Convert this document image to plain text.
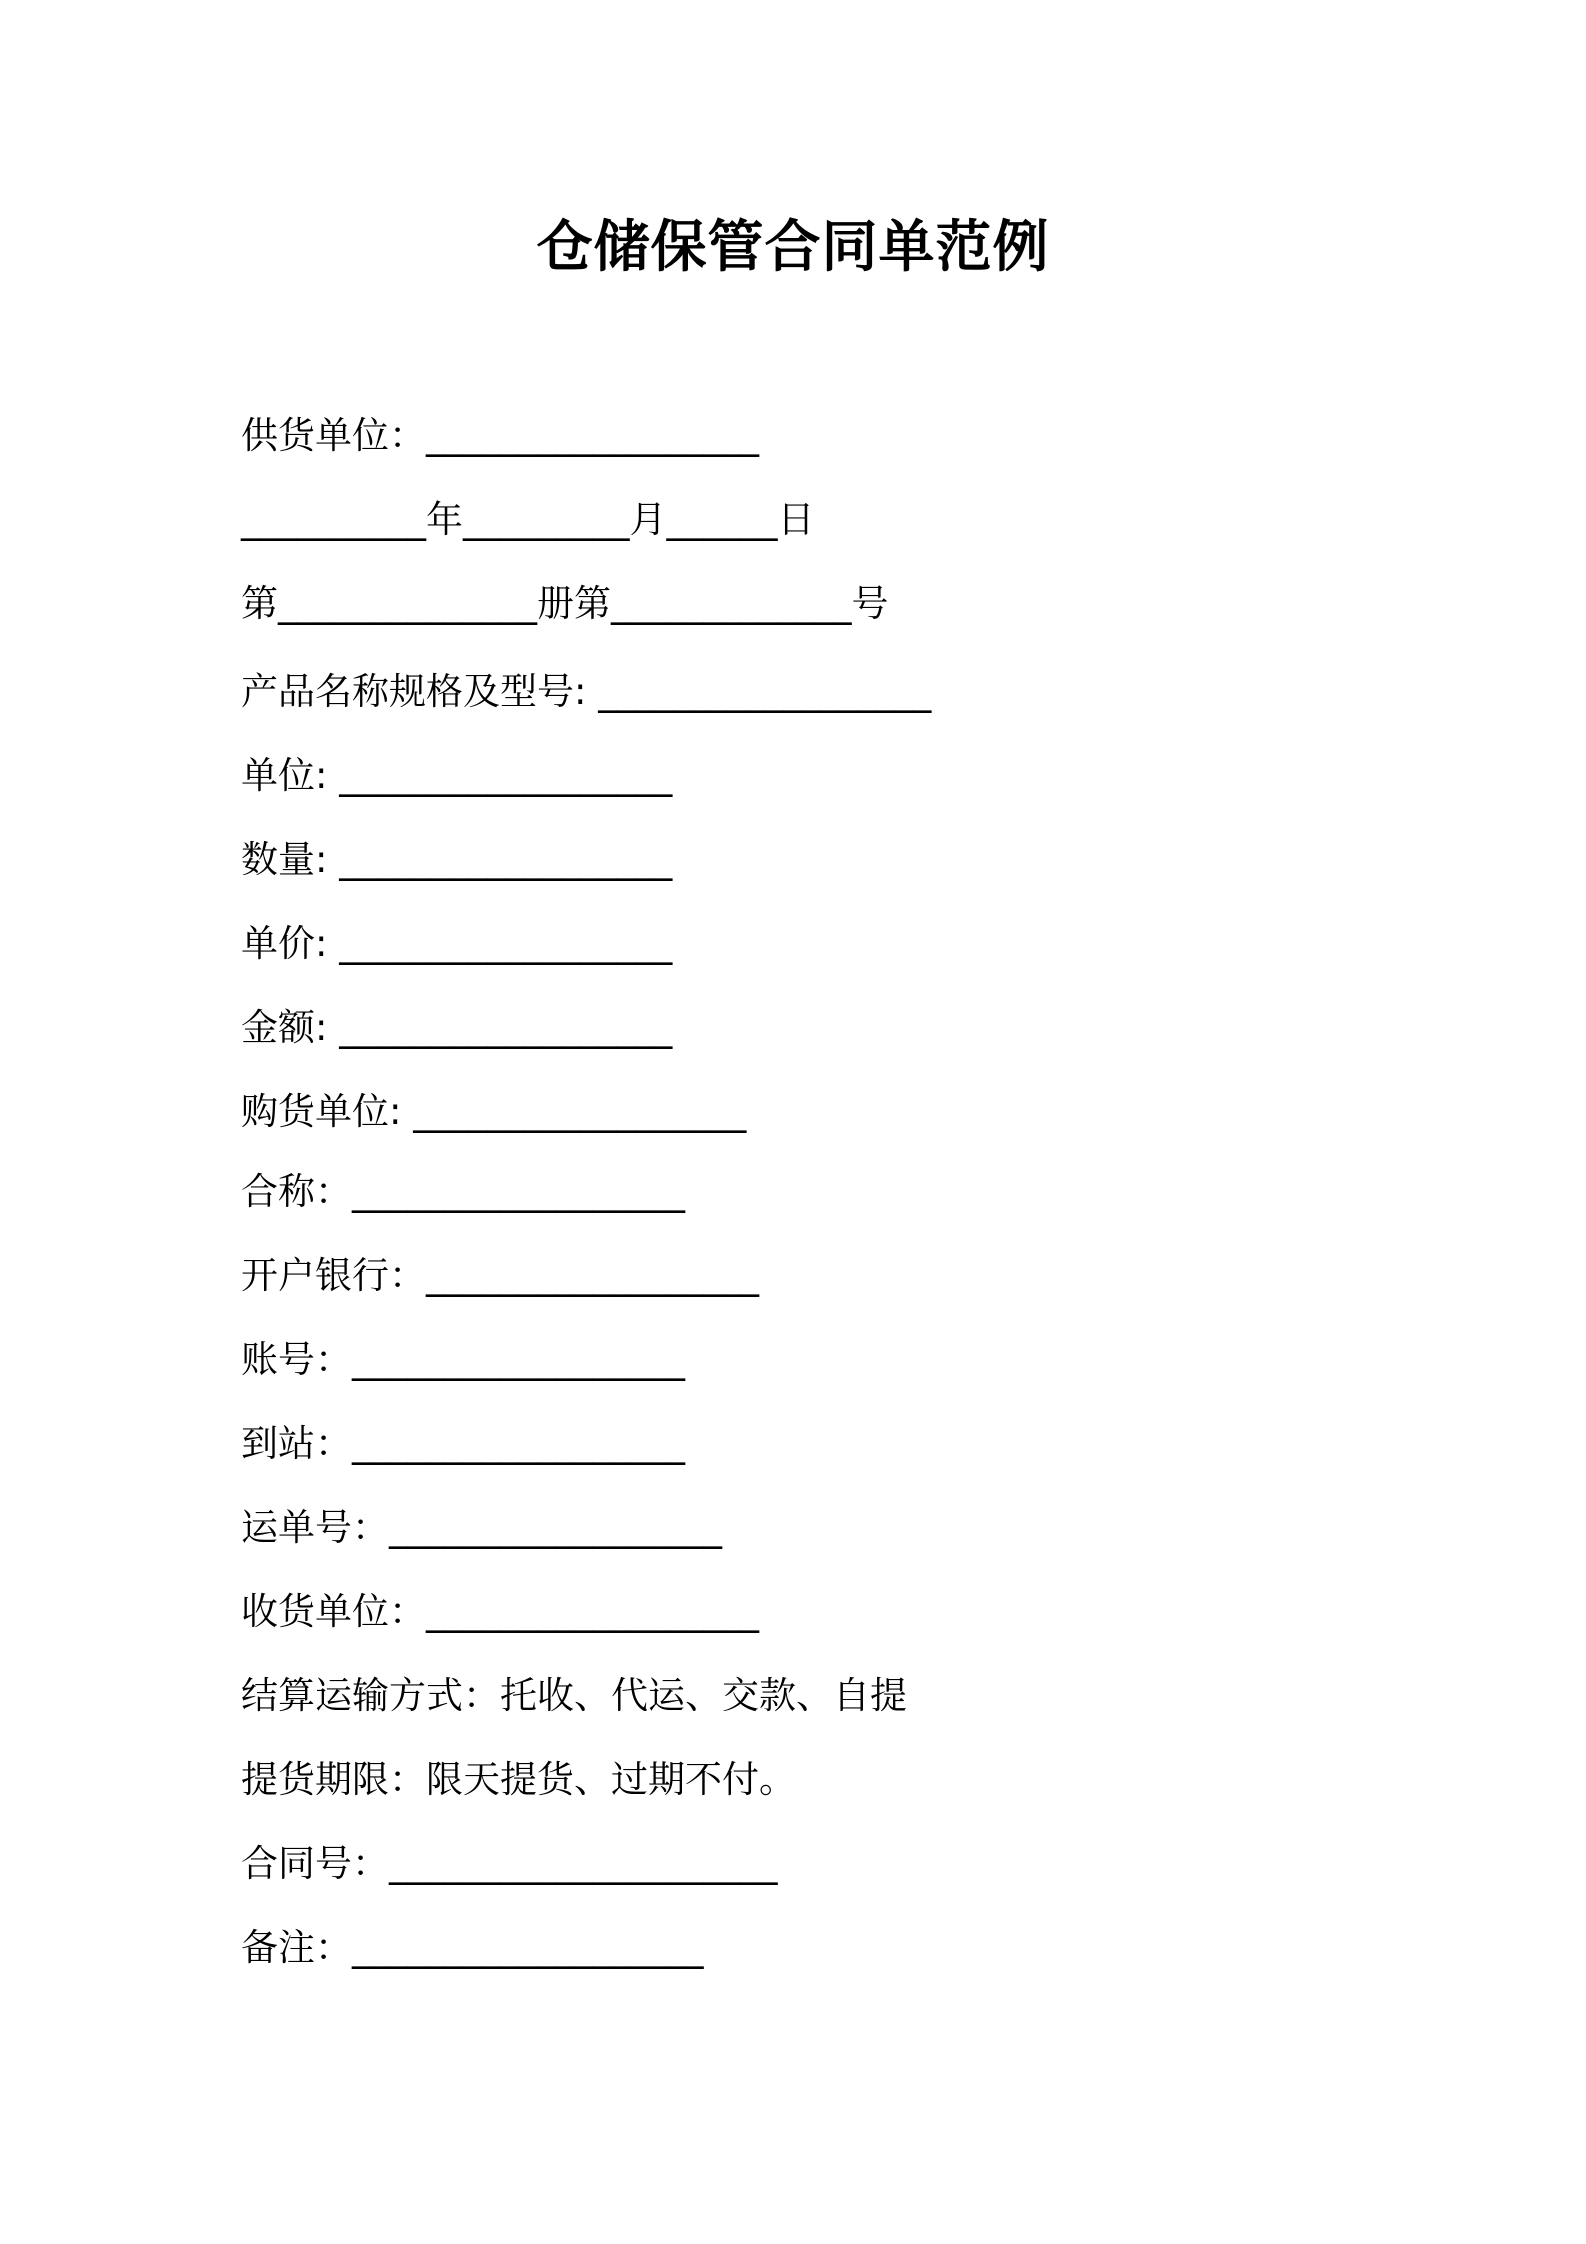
仓储保管合同单范例
供货单位：__________________
__________年_________月______日
第______________册第_____________号
产品名称规格及型号: __________________
单位: __________________
数量: __________________
单价: __________________
金额: __________________
购货单位: __________________
合称：__________________
开户银行：__________________
账号：__________________
到站：__________________
运单号：__________________
收货单位：__________________
结算运输方式：托收、代运、交款、自提
提货期限：限天提货、过期不付。
合同号：_____________________
备注：___________________
